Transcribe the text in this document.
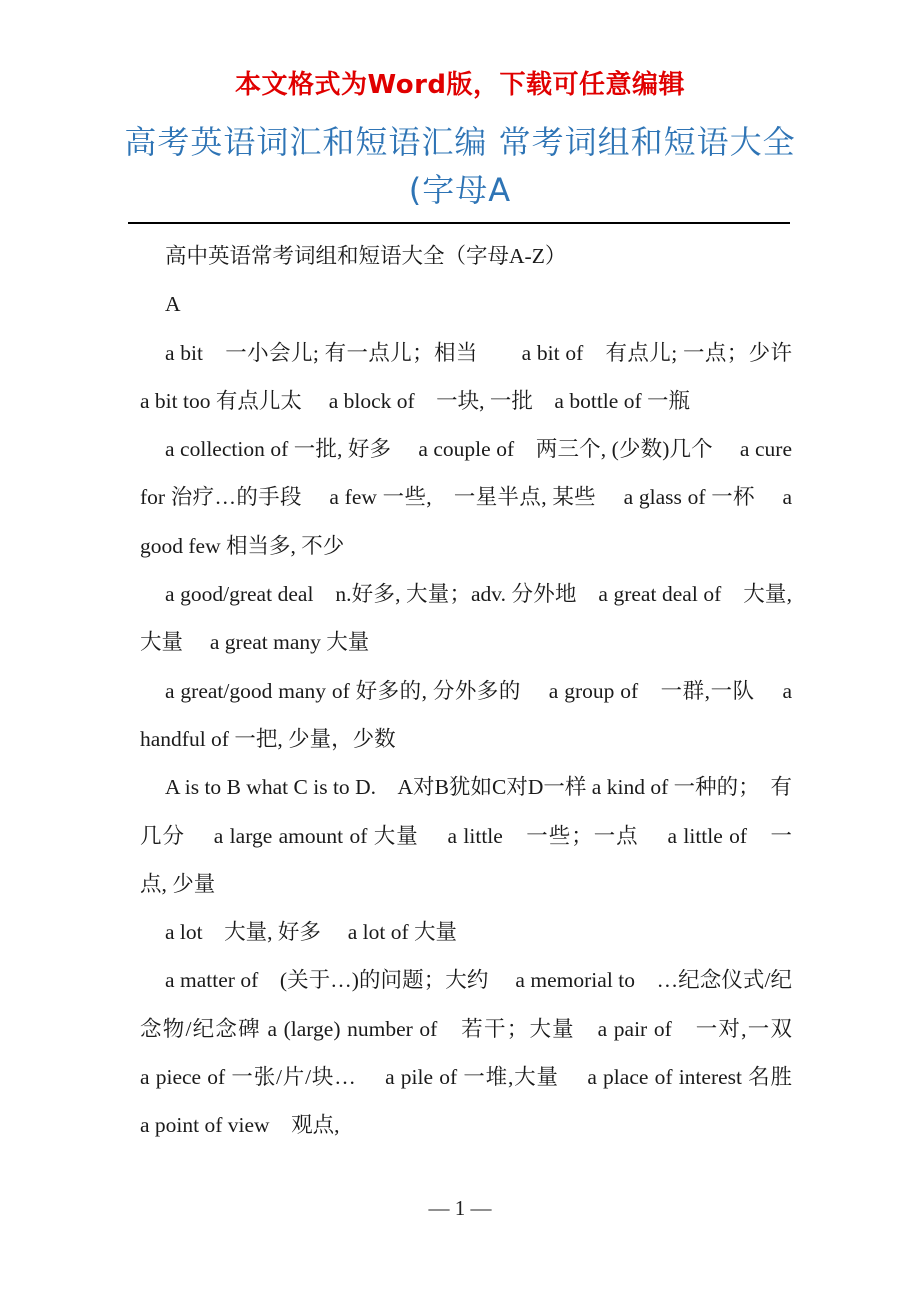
本文格式为Word版，下载可任意编辑
高考英语词汇和短语汇编 常考词组和短语大全(字母A

高中英语常考词组和短语大全（字母A-Z）

A

a bit　一小会儿; 有一点儿；相当　　a bit of　有点儿; 一点；少许　 a bit too 有点儿太　 a block of　一块, 一批　a bottle of 一瓶

a collection of 一批, 好多　 a couple of　两三个, (少数)几个　 a cure for 治疗…的手段　 a few 一些,　一星半点, 某些　 a glass of 一杯　 a good few 相当多, 不少

a good/great deal　n.好多, 大量；adv. 分外地　a great deal of　大量, 大量　 a great many 大量

a great/good many of 好多的, 分外多的　 a group of　一群,一队　 a handful of 一把, 少量，少数

A is to B what C is to D.　A对B犹如C对D一样 a kind of 一种的；　有几分　 a large amount of 大量　 a little　一些；一点　 a little of　一点, 少量

a lot　大量, 好多　 a lot of 大量

a matter of　(关于…)的问题；大约　 a memorial to　…纪念仪式/纪念物/纪念碑 a (large) number of　若干；大量　a pair of　一对,一双　 a piece of 一张/片/块…　 a pile of 一堆,大量　 a place of interest 名胜　 a point of view　观点,

— 1 —
